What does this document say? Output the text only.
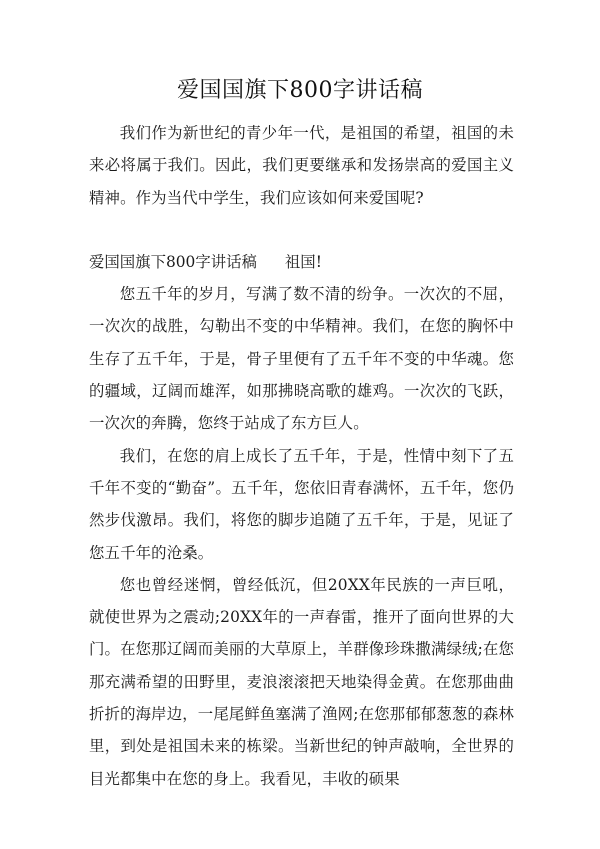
爱国国旗下800字讲话稿

我们作为新世纪的青少年一代，是祖国的希望，祖国的未来必将属于我们。因此，我们更要继承和发扬崇高的爱国主义精神。作为当代中学生，我们应该如何来爱国呢?

爱国国旗下800字讲话稿 祖国!

您五千年的岁月，写满了数不清的纷争。一次次的不屈，一次次的战胜，勾勒出不变的中华精神。我们，在您的胸怀中生存了五千年，于是，骨子里便有了五千年不变的中华魂。您的疆域，辽阔而雄浑，如那拂晓高歌的雄鸡。一次次的飞跃，一次次的奔腾，您终于站成了东方巨人。

我们，在您的肩上成长了五千年，于是，性情中刻下了五千年不变的“勤奋”。五千年，您依旧青春满怀，五千年，您仍然步伐激昂。我们，将您的脚步追随了五千年，于是，见证了您五千年的沧桑。

您也曾经迷惘，曾经低沉，但20XX年民族的一声巨吼，就使世界为之震动;20XX年的一声春雷，推开了面向世界的大门。在您那辽阔而美丽的大草原上，羊群像珍珠撒满绿绒;在您那充满希望的田野里，麦浪滚滚把天地染得金黄。在您那曲曲折折的海岸边，一尾尾鲜鱼塞满了渔网;在您那郁郁葱葱的森林里，到处是祖国未来的栋梁。当新世纪的钟声敲响，全世界的目光都集中在您的身上。我看见，丰收的硕果
